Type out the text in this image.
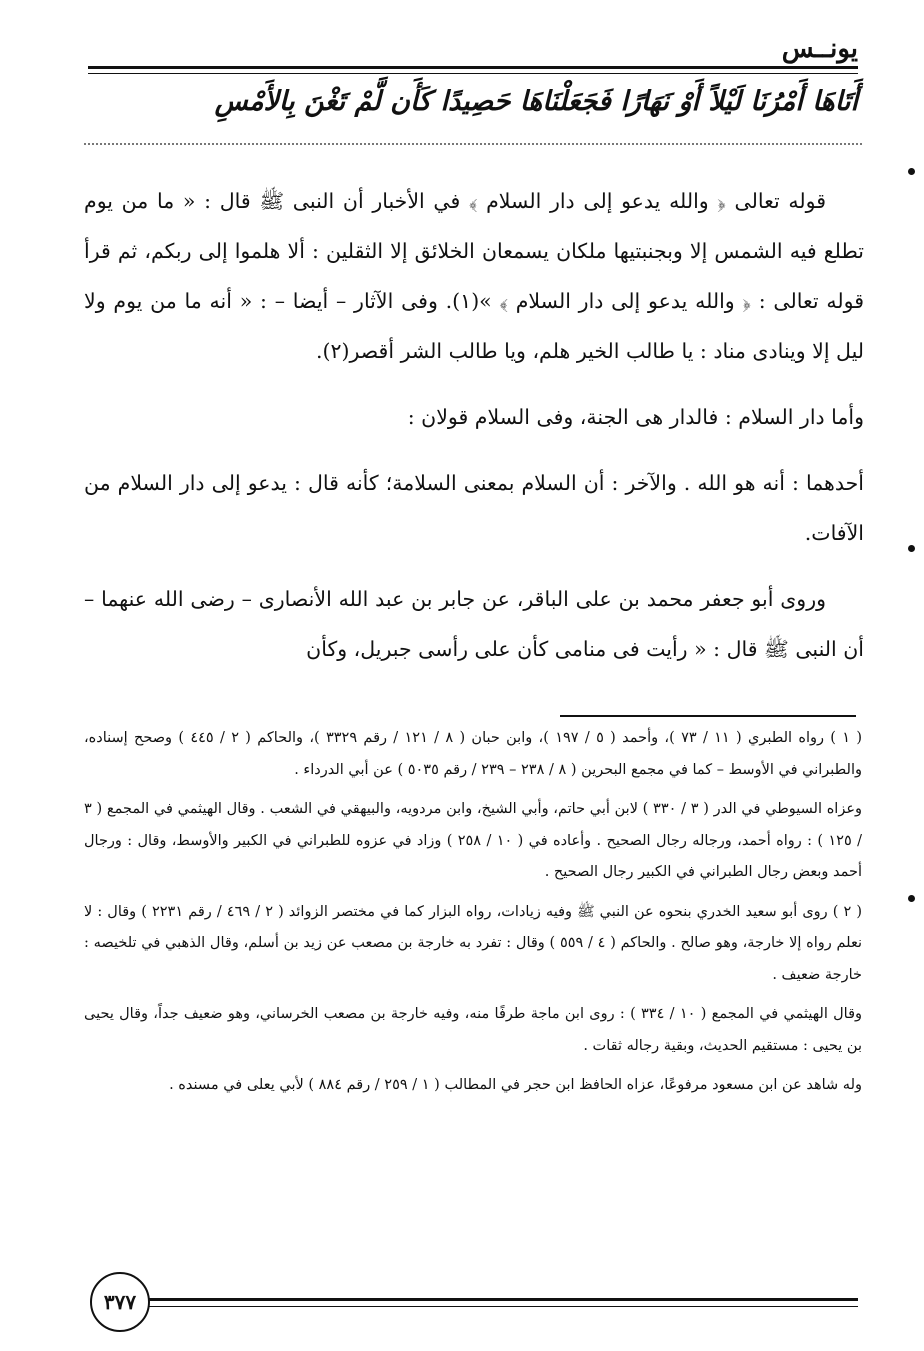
يونــس
أَتَاهَا أَمْرُنَا لَيْلاً أَوْ نَهَارًا فَجَعَلْنَاهَا حَصِيدًا كَأَن لَّمْ تَغْنَ بِالأَمْسِ

قوله تعالى ﴿ والله يدعو إلى دار السلام ﴾ في الأخبار أن النبى ﷺ قال : « ما من يوم تطلع فيه الشمس إلا وبجنبتيها ملكان يسمعان الخلائق إلا الثقلين : ألا هلموا إلى ربكم، ثم قرأ قوله تعالى : ﴿ والله يدعو إلى دار السلام ﴾ »(١). وفى الآثار – أيضا – : « أنه ما من يوم ولا ليل إلا وينادى مناد : يا طالب الخير هلم، ويا طالب الشر أقصر(٢).

وأما دار السلام : فالدار هى الجنة، وفى السلام قولان :

أحدهما : أنه هو الله . والآخر : أن السلام بمعنى السلامة؛ كأنه قال : يدعو إلى دار السلام من الآفات.

وروى أبو جعفر محمد بن على الباقر، عن جابر بن عبد الله الأنصارى – رضى الله عنهما – أن النبى ﷺ قال : « رأيت فى منامى كأن على رأسى جبريل، وكأن

( ١ ) رواه الطبري ( ١١ / ٧٣ )، وأحمد ( ٥ / ١٩٧ )، وابن حبان ( ٨ / ١٢١ / رقم ٣٣٢٩ )، والحاكم ( ٢ / ٤٤٥ ) وصحح إسناده، والطبراني في الأوسط – كما في مجمع البحرين ( ٨ / ٢٣٨ – ٢٣٩ / رقم ٥٠٣٥ ) عن أبي الدرداء .

وعزاه السيوطي في الدر ( ٣ / ٣٣٠ ) لابن أبي حاتم، وأبي الشيخ، وابن مردويه، والبيهقي في الشعب . وقال الهيثمي في المجمع ( ٣ / ١٢٥ ) : رواه أحمد، ورجاله رجال الصحيح . وأعاده في ( ١٠ / ٢٥٨ ) وزاد في عزوه للطبراني في الكبير والأوسط، وقال : ورجال أحمد وبعض رجال الطبراني في الكبير رجال الصحيح .

( ٢ ) روى أبو سعيد الخدري بنحوه عن النبي ﷺ وفيه زيادات، رواه البزار كما في مختصر الزوائد ( ٢ / ٤٦٩ / رقم ٢٢٣١ ) وقال : لا نعلم رواه إلا خارجة، وهو صالح . والحاكم ( ٤ / ٥٥٩ ) وقال : تفرد به خارجة بن مصعب عن زيد بن أسلم، وقال الذهبي في تلخيصه : خارجة ضعيف .

وقال الهيثمي في المجمع ( ١٠ / ٣٣٤ ) : روى ابن ماجة طرفًا منه، وفيه خارجة بن مصعب الخرساني، وهو ضعيف جداً، وقال يحيى بن يحيى : مستقيم الحديث، وبقية رجاله ثقات .

وله شاهد عن ابن مسعود مرفوعًا، عزاه الحافظ ابن حجر في المطالب ( ١ / ٢٥٩ / رقم ٨٨٤ ) لأبي يعلى في مسنده .

٣٧٧
